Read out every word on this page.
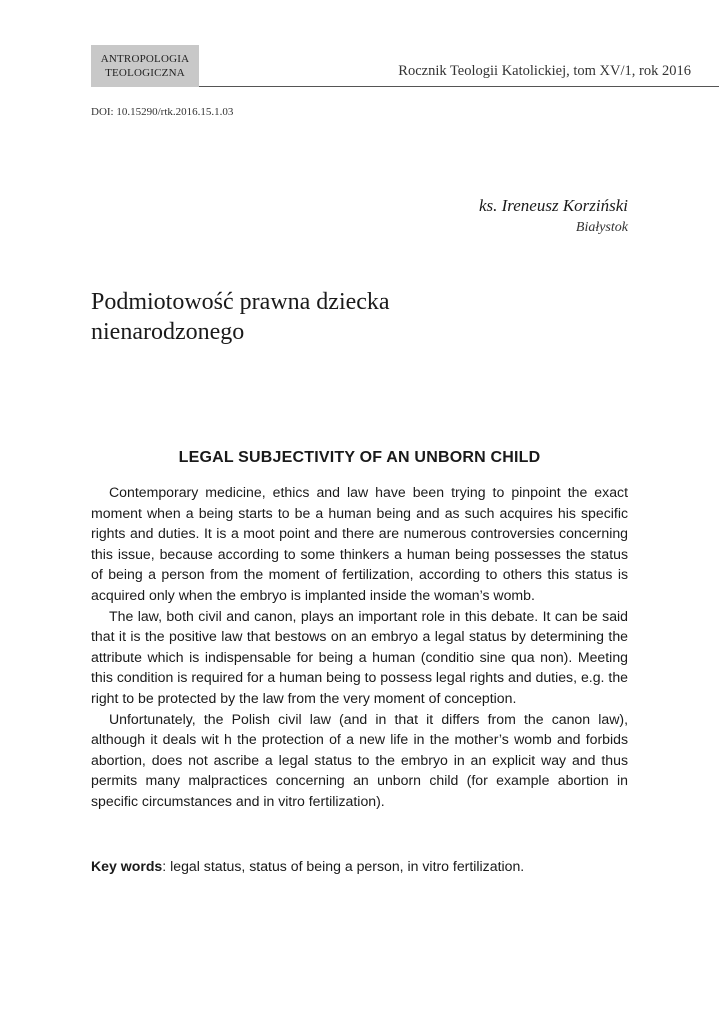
ANTROPOLOGIA
TEOLOGICZNA	Rocznik Teologii Katolickiej, tom XV/1, rok 2016
DOI: 10.15290/rtk.2016.15.1.03
ks. Ireneusz Korziński
Białystok
Podmiotowość prawna dziecka
nienarodzonego
LEGAL SUBJECTIVITY OF AN UNBORN CHILD

Contemporary medicine, ethics and law have been trying to pinpoint the exact moment when a being starts to be a human being and as such acquires his specific rights and duties. It is a moot point and there are numerous controversies concerning this issue, because according to some thinkers a human being possesses the status of being a person from the moment of fertilization, according to others this status is acquired only when the embryo is implanted inside the woman’s womb.

The law, both civil and canon, plays an important role in this debate. It can be said that it is the positive law that bestows on an embryo a legal status by determining the attribute which is indispensable for being a human (conditio sine qua non). Meeting this condition is required for a human being to possess legal rights and duties, e.g. the right to be protected by the law from the very moment of conception.

Unfortunately, the Polish civil law (and in that it differs from the canon law), although it deals wit h the protection of a new life in the mother’s womb and forbids abortion, does not ascribe a legal status to the embryo in an explicit way and thus permits many malpractices concerning an unborn child (for example abortion in specific circumstances and in vitro fertilization).

Key words: legal status, status of being a person, in vitro fertilization.
